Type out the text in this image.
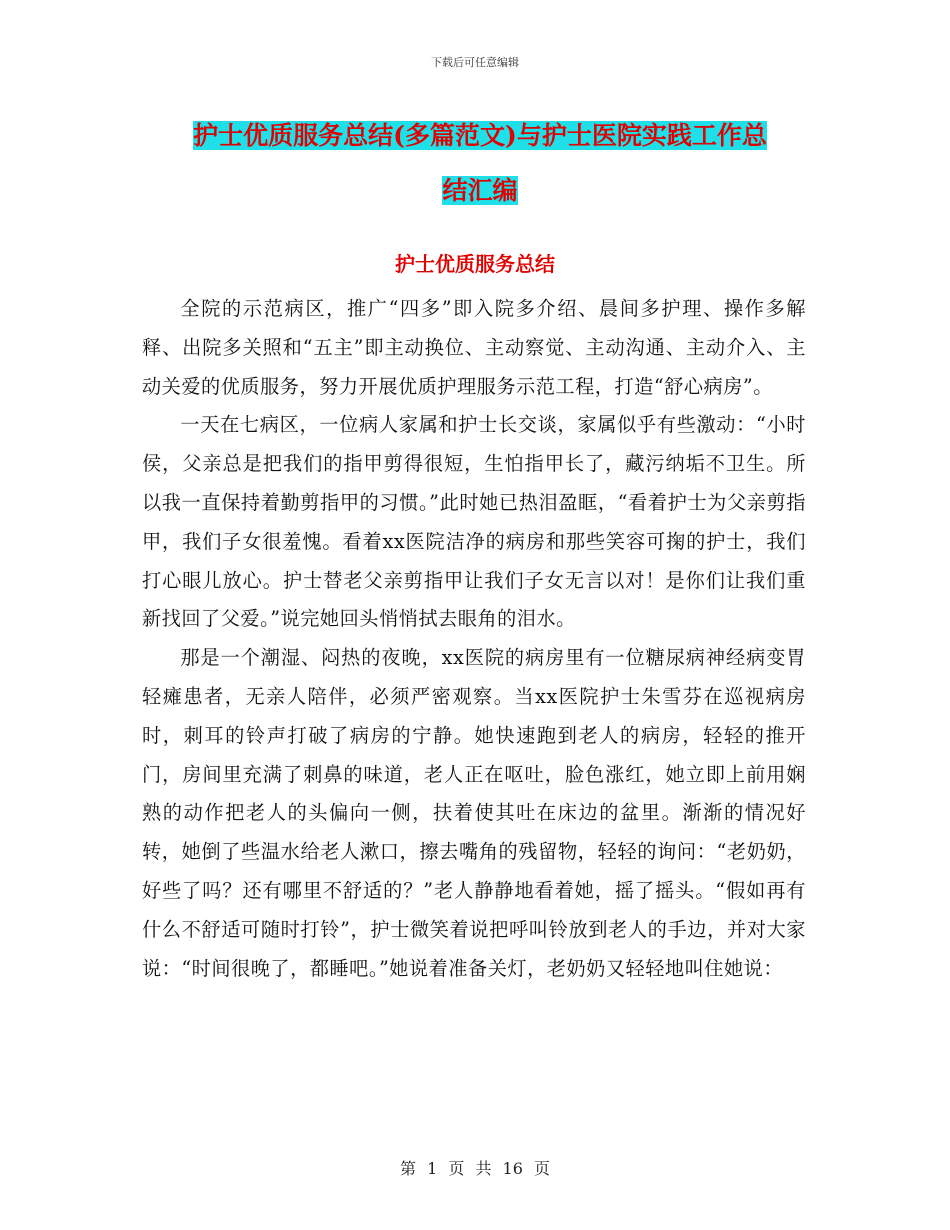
下载后可任意编辑
护士优质服务总结(多篇范文)与护士医院实践工作总
结汇编
护士优质服务总结

全院的示范病区，推广“四多”即入院多介绍、晨间多护理、操作多解释、出院多关照和“五主”即主动换位、主动察觉、主动沟通、主动介入、主动关爱的优质服务，努力开展优质护理服务示范工程，打造“舒心病房”。

一天在七病区，一位病人家属和护士长交谈，家属似乎有些激动：“小时侯，父亲总是把我们的指甲剪得很短，生怕指甲长了，藏污纳垢不卫生。所以我一直保持着勤剪指甲的习惯。”此时她已热泪盈眶，“看着护士为父亲剪指甲，我们子女很羞愧。看着xx医院洁净的病房和那些笑容可掬的护士，我们打心眼儿放心。护士替老父亲剪指甲让我们子女无言以对！是你们让我们重新找回了父爱。”说完她回头悄悄拭去眼角的泪水。

那是一个潮湿、闷热的夜晚，xx医院的病房里有一位糖尿病神经病变胃轻瘫患者，无亲人陪伴，必须严密观察。当xx医院护士朱雪芬在巡视病房时，刺耳的铃声打破了病房的宁静。她快速跑到老人的病房，轻轻的推开门，房间里充满了刺鼻的味道，老人正在呕吐，脸色涨红，她立即上前用娴熟的动作把老人的头偏向一侧，扶着使其吐在床边的盆里。渐渐的情况好转，她倒了些温水给老人漱口，擦去嘴角的残留物，轻轻的询问：“老奶奶，好些了吗？还有哪里不舒适的？”老人静静地看着她，摇了摇头。“假如再有什么不舒适可随时打铃”，护士微笑着说把呼叫铃放到老人的手边，并对大家说：“时间很晚了，都睡吧。”她说着准备关灯，老奶奶又轻轻地叫住她说：

第 1 页 共 16 页
